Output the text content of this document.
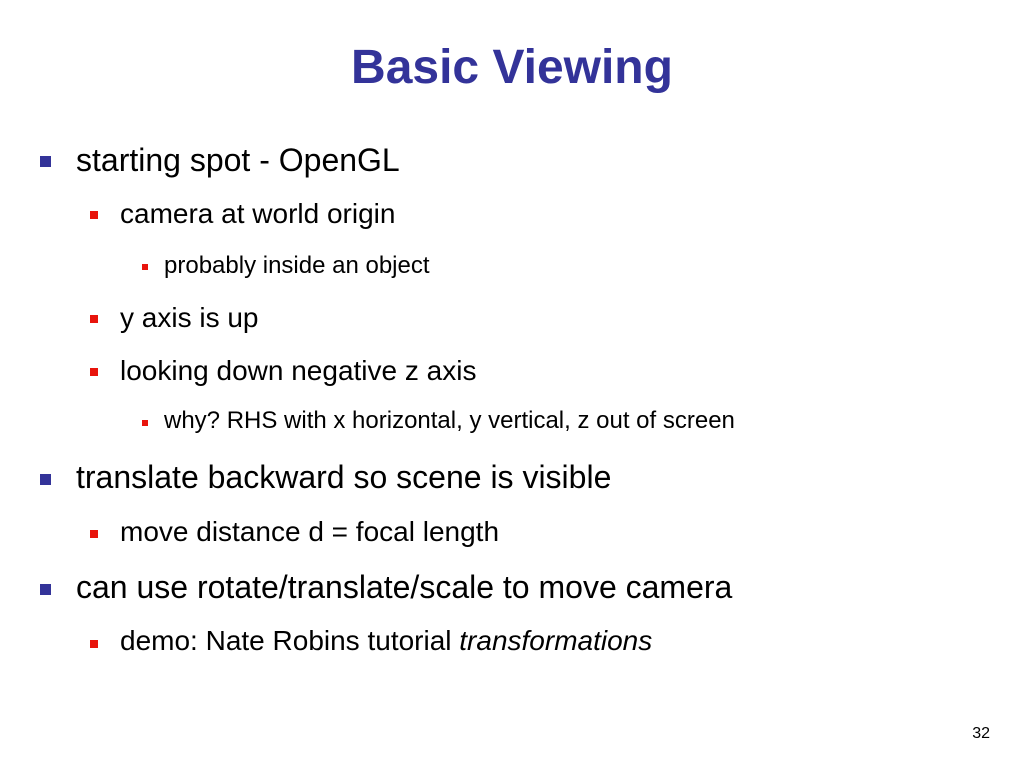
Basic Viewing
starting spot - OpenGL
camera at world origin
probably inside an object
y axis is up
looking down negative z axis
why? RHS with x horizontal, y vertical, z out of screen
translate backward so scene is visible
move distance d = focal length
can use rotate/translate/scale to move camera
demo: Nate Robins tutorial transformations
32
